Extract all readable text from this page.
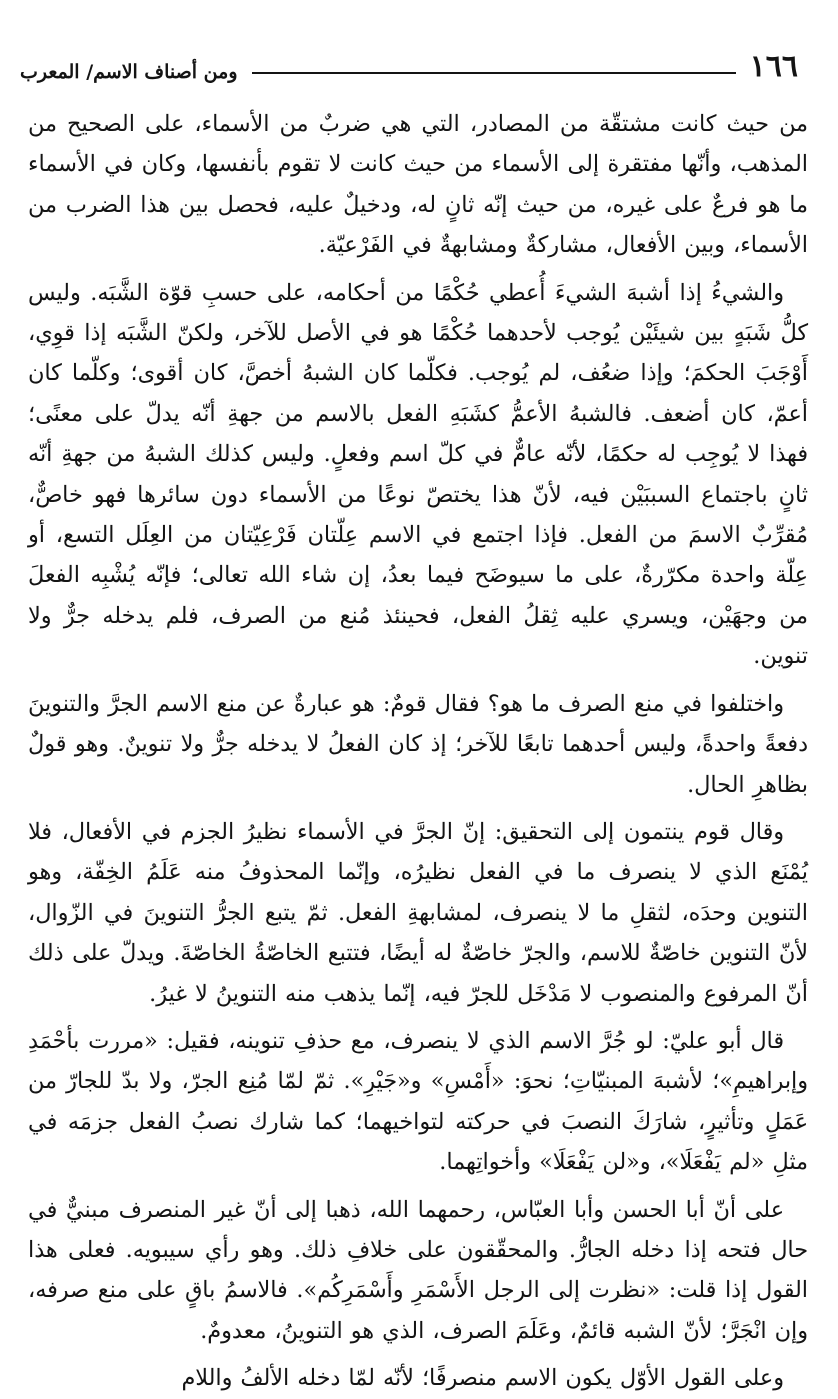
١٦٦
ومن أصناف الاسم/ المعرب

من حيث كانت مشتقّة من المصادر، التي هي ضربٌ من الأسماء، على الصحيح من المذهب، وأنّها مفتقرة إلى الأسماء من حيث كانت لا تقوم بأنفسها، وكان في الأسماء ما هو فرعٌ على غيره، من حيث إنّه ثانٍ له، ودخيلٌ عليه، فحصل بين هذا الضرب من الأسماء، وبين الأفعال، مشاركةٌ ومشابهةٌ في الفَرْعيّة.

والشيءُ إذا أشبهَ الشيءَ أُعطي حُكْمًا من أحكامه، على حسبِ قوّة الشَّبَه. وليس كلُّ شَبَهٍ بين شيئَيْن يُوجب لأحدهما حُكْمًا هو في الأصل للآخر، ولكنّ الشَّبَه إذا قوِي، أَوْجَبَ الحكمَ؛ وإذا ضعُف، لم يُوجب. فكلّما كان الشبهُ أخصَّ، كان أقوى؛ وكلّما كان أعمّ، كان أضعف. فالشبهُ الأعمُّ كشَبَهِ الفعل بالاسم من جهةِ أنّه يدلّ على معنًى؛ فهذا لا يُوجِب له حكمًا، لأنّه عامٌّ في كلّ اسم وفعلٍ. وليس كذلك الشبهُ من جهةِ أنّه ثانٍ باجتماع السببَيْن فيه، لأنّ هذا يختصّ نوعًا من الأسماء دون سائرها فهو خاصٌّ، مُقرِّبٌ الاسمَ من الفعل. فإذا اجتمع في الاسم عِلّتان فَرْعِيّتان من العِلَل التسع، أو عِلّة واحدة مكرّرةٌ، على ما سيوضَح فيما بعدُ، إن شاء الله تعالى؛ فإنّه يُشْبِه الفعلَ من وجهَيْن، ويسري عليه ثِقلُ الفعل، فحينئذ مُنع من الصرف، فلم يدخله جرٌّ ولا تنوين.

واختلفوا في منع الصرف ما هو؟ فقال قومٌ: هو عبارةٌ عن منع الاسم الجرَّ والتنوينَ دفعةً واحدةً، وليس أحدهما تابعًا للآخر؛ إذ كان الفعلُ لا يدخله جرٌّ ولا تنوينٌ. وهو قولٌ بظاهرِ الحال.

وقال قوم ينتمون إلى التحقيق: إنّ الجرَّ في الأسماء نظيرُ الجزم في الأفعال، فلا يُمْنَع الذي لا ينصرف ما في الفعل نظيرُه، وإنّما المحذوفُ منه عَلَمُ الخِفّة، وهو التنوين وحدَه، لثقلِ ما لا ينصرف، لمشابهةِ الفعل. ثمّ يتبع الجرُّ التنوينَ في الزّوال، لأنّ التنوين خاصّةٌ للاسم، والجرّ خاصّةٌ له أيضًا، فتتبع الخاصّةُ الخاصّةَ. ويدلّ على ذلك أنّ المرفوع والمنصوب لا مَدْخَل للجرّ فيه، إنّما يذهب منه التنوينُ لا غيرُ.

قال أبو عليّ: لو جُرَّ الاسم الذي لا ينصرف، مع حذفِ تنوينه، فقيل: «مررت بأحْمَدِ وإبراهيمِ»؛ لأشبهَ المبنيّاتِ؛ نحوَ: «أَمْسِ» و«جَيْرِ». ثمّ لمّا مُنِع الجرّ، ولا بدّ للجارّ من عَمَلٍ وتأثيرٍ، شارَكَ النصبَ في حركته لتواخيهما؛ كما شارك نصبُ الفعل جزمَه في مثلِ «لم يَفْعَلَا»، و«لن يَفْعَلَا» وأخواتِهما.

على أنّ أبا الحسن وأبا العبّاس، رحمهما الله، ذهبا إلى أنّ غير المنصرف مبنيٌّ في حال فتحه إذا دخله الجارُّ. والمحقّقون على خلافِ ذلك. وهو رأي سيبويه. فعلى هذا القول إذا قلت: «نظرت إلى الرجل الأَسْمَرِ وأَسْمَرِكُم». فالاسمُ باقٍ على منع صرفه، وإن انْجَرَّ؛ لأنّ الشبه قائمٌ، وعَلَمَ الصرف، الذي هو التنوينُ، معدومٌ.

وعلى القول الأوّل يكون الاسم منصرفًا؛ لأنّه لمّا دخله الألفُ واللام
